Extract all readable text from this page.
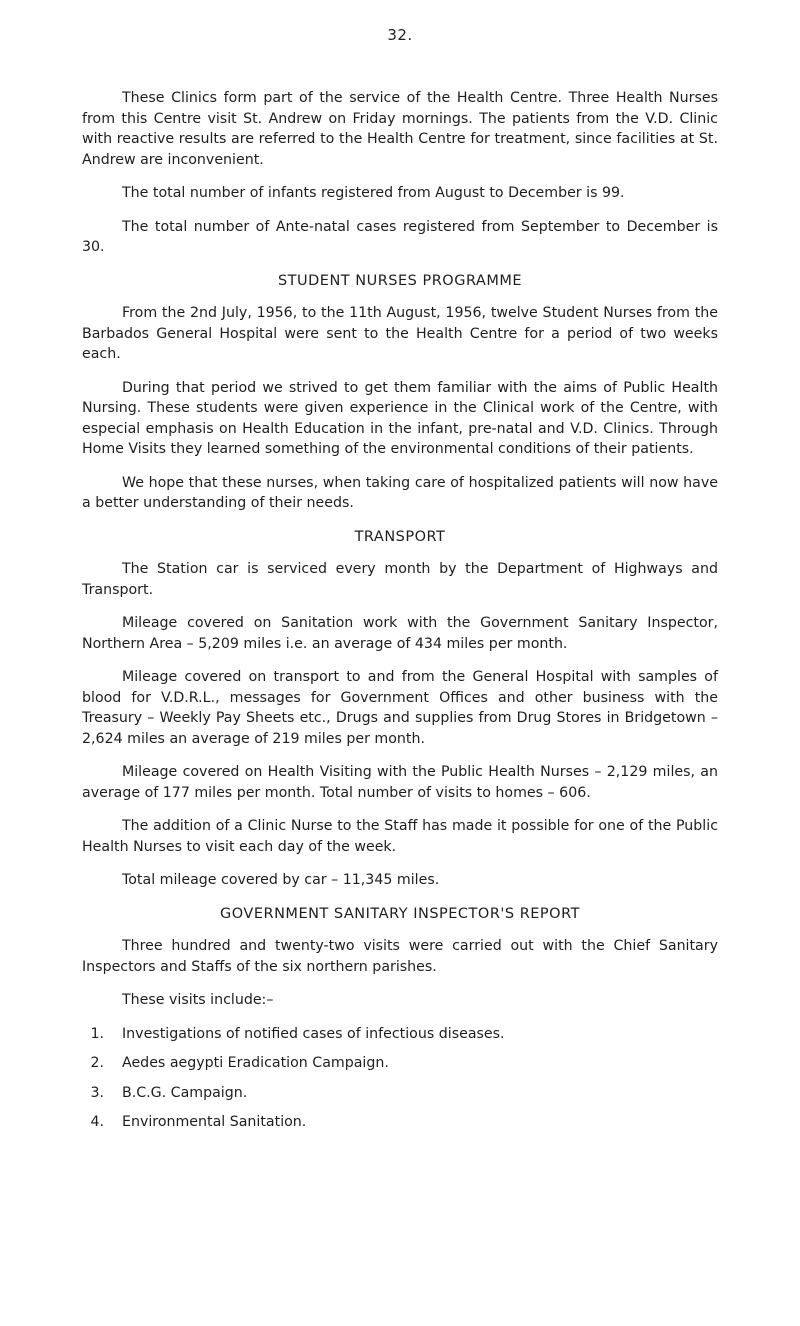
32.

These Clinics form part of the service of the Health Centre. Three Health Nurses from this Centre visit St. Andrew on Friday mornings. The patients from the V.D. Clinic with reactive results are referred to the Health Centre for treatment, since facilities at St. Andrew are inconvenient.

The total number of infants registered from August to December is 99.

The total number of Ante-natal cases registered from September to December is 30.

STUDENT NURSES PROGRAMME

From the 2nd July, 1956, to the 11th August, 1956, twelve Student Nurses from the Barbados General Hospital were sent to the Health Centre for a period of two weeks each.

During that period we strived to get them familiar with the aims of Public Health Nursing. These students were given experience in the Clinical work of the Centre, with especial emphasis on Health Education in the infant, pre-natal and V.D. Clinics. Through Home Visits they learned something of the environmental conditions of their patients.

We hope that these nurses, when taking care of hospitalized patients will now have a better understanding of their needs.

TRANSPORT

The Station car is serviced every month by the Department of Highways and Transport.

Mileage covered on Sanitation work with the Government Sanitary Inspector, Northern Area – 5,209 miles i.e. an average of 434 miles per month.

Mileage covered on transport to and from the General Hospital with samples of blood for V.D.R.L., messages for Government Offices and other business with the Treasury – Weekly Pay Sheets etc., Drugs and supplies from Drug Stores in Bridgetown – 2,624 miles an average of 219 miles per month.

Mileage covered on Health Visiting with the Public Health Nurses – 2,129 miles, an average of 177 miles per month. Total number of visits to homes – 606.

The addition of a Clinic Nurse to the Staff has made it possible for one of the Public Health Nurses to visit each day of the week.

Total mileage covered by car – 11,345 miles.

GOVERNMENT SANITARY INSPECTOR'S REPORT

Three hundred and twenty-two visits were carried out with the Chief Sanitary Inspectors and Staffs of the six northern parishes.

These visits include:–

1.	Investigations of notified cases of infectious diseases.
2.	Aedes aegypti Eradication Campaign.
3.	B.C.G. Campaign.
4.	Environmental Sanitation.
